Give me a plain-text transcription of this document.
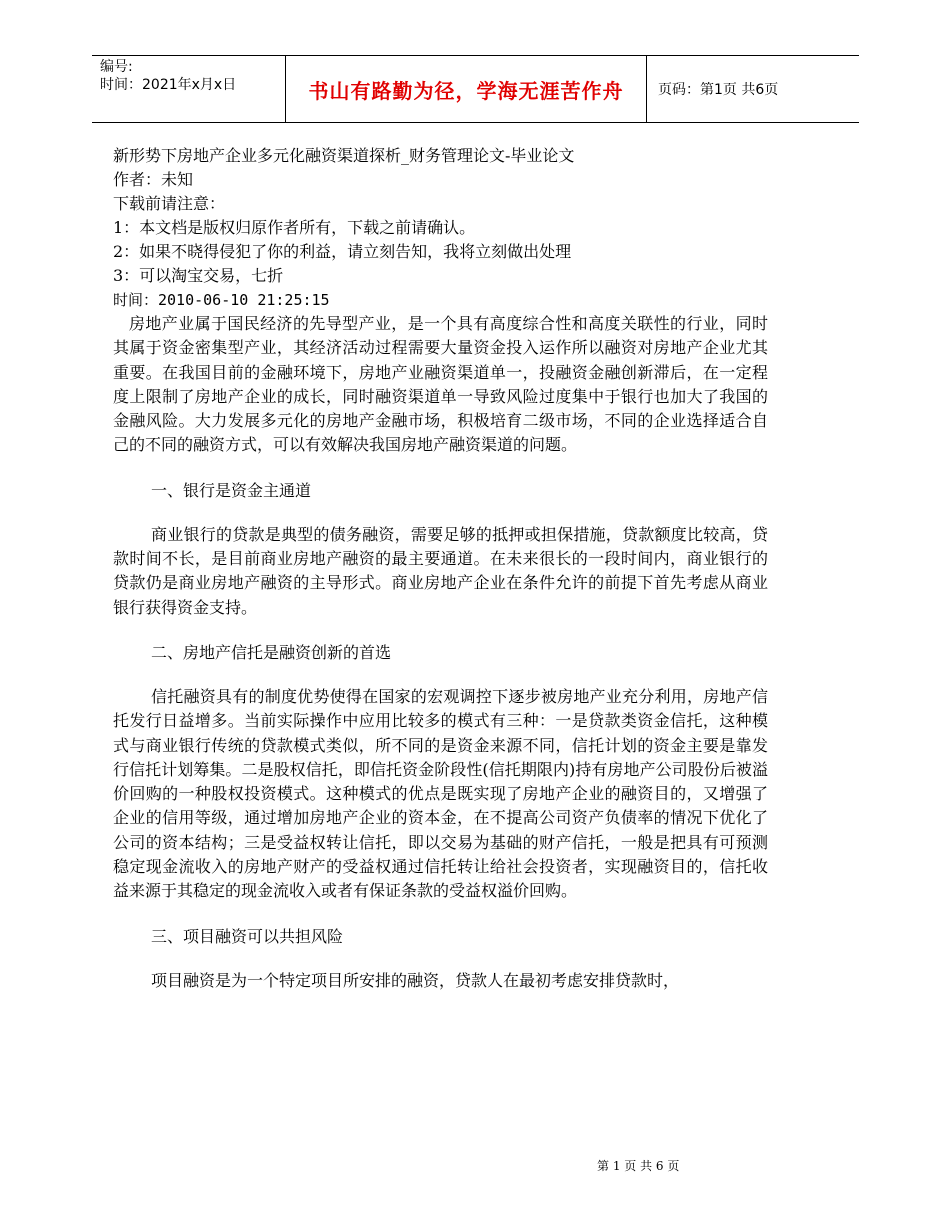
编号:
时间：2021年x月x日	书山有路勤为径，学海无涯苦作舟	页码：第1页 共6页
新形势下房地产企业多元化融资渠道探析_财务管理论文-毕业论文
作者：未知
下载前请注意：
1：本文档是版权归原作者所有，下载之前请确认。
2：如果不晓得侵犯了你的利益，请立刻告知，我将立刻做出处理
3：可以淘宝交易，七折
时间：2010-06-10 21:25:15

房地产业属于国民经济的先导型产业，是一个具有高度综合性和高度关联性的行业，同时其属于资金密集型产业，其经济活动过程需要大量资金投入运作所以融资对房地产企业尤其重要。在我国目前的金融环境下，房地产业融资渠道单一，投融资金融创新滞后，在一定程度上限制了房地产企业的成长，同时融资渠道单一导致风险过度集中于银行也加大了我国的金融风险。大力发展多元化的房地产金融市场，积极培育二级市场，不同的企业选择适合自己的不同的融资方式，可以有效解决我国房地产融资渠道的问题。

一、银行是资金主通道

商业银行的贷款是典型的债务融资，需要足够的抵押或担保措施，贷款额度比较高，贷款时间不长，是目前商业房地产融资的最主要通道。在未来很长的一段时间内，商业银行的贷款仍是商业房地产融资的主导形式。商业房地产企业在条件允许的前提下首先考虑从商业银行获得资金支持。

二、房地产信托是融资创新的首选

信托融资具有的制度优势使得在国家的宏观调控下逐步被房地产业充分利用，房地产信托发行日益增多。当前实际操作中应用比较多的模式有三种：一是贷款类资金信托，这种模式与商业银行传统的贷款模式类似，所不同的是资金来源不同，信托计划的资金主要是靠发行信托计划筹集。二是股权信托，即信托资金阶段性(信托期限内)持有房地产公司股份后被溢价回购的一种股权投资模式。这种模式的优点是既实现了房地产企业的融资目的，又增强了企业的信用等级，通过增加房地产企业的资本金，在不提高公司资产负债率的情况下优化了公司的资本结构；三是受益权转让信托，即以交易为基础的财产信托，一般是把具有可预测稳定现金流收入的房地产财产的受益权通过信托转让给社会投资者，实现融资目的，信托收益来源于其稳定的现金流收入或者有保证条款的受益权溢价回购。

三、项目融资可以共担风险

项目融资是为一个特定项目所安排的融资，贷款人在最初考虑安排贷款时，

第 1 页 共 6 页
